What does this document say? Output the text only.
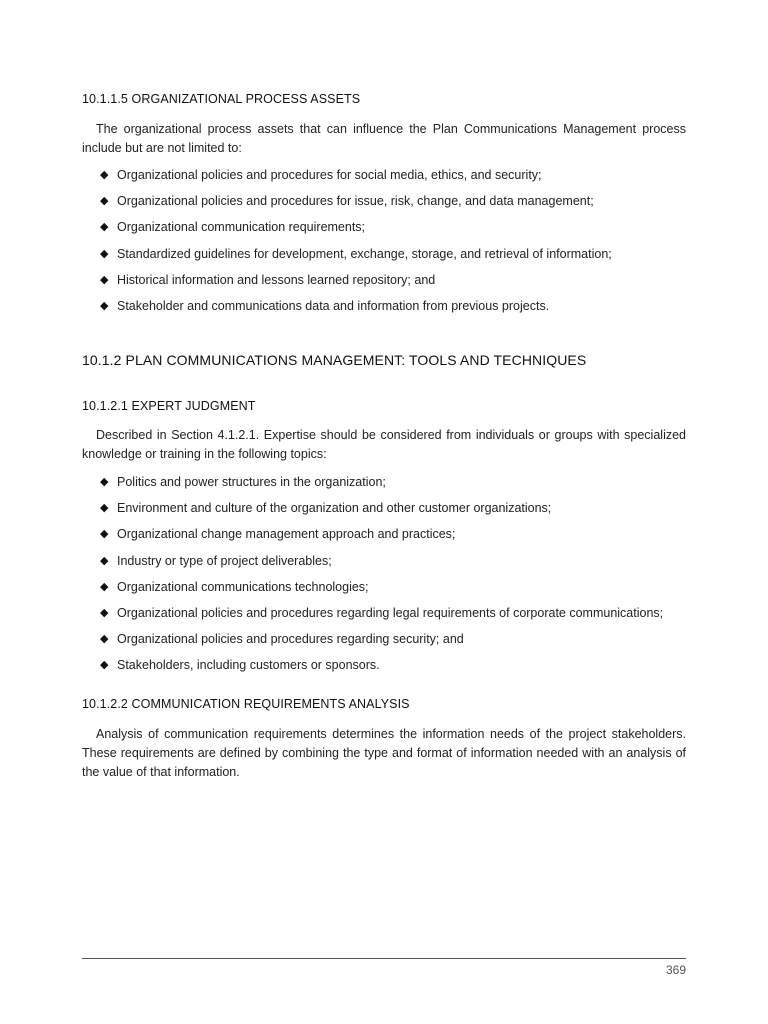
10.1.1.5 ORGANIZATIONAL PROCESS ASSETS

The organizational process assets that can influence the Plan Communications Management process include but are not limited to:

◆ Organizational policies and procedures for social media, ethics, and security;
◆ Organizational policies and procedures for issue, risk, change, and data management;
◆ Organizational communication requirements;
◆ Standardized guidelines for development, exchange, storage, and retrieval of information;
◆ Historical information and lessons learned repository; and
◆ Stakeholder and communications data and information from previous projects.
10.1.2 PLAN COMMUNICATIONS MANAGEMENT: TOOLS AND TECHNIQUES
10.1.2.1 EXPERT JUDGMENT

Described in Section 4.1.2.1. Expertise should be considered from individuals or groups with specialized knowledge or training in the following topics:

◆ Politics and power structures in the organization;
◆ Environment and culture of the organization and other customer organizations;
◆ Organizational change management approach and practices;
◆ Industry or type of project deliverables;
◆ Organizational communications technologies;
◆ Organizational policies and procedures regarding legal requirements of corporate communications;
◆ Organizational policies and procedures regarding security; and
◆ Stakeholders, including customers or sponsors.
10.1.2.2 COMMUNICATION REQUIREMENTS ANALYSIS

Analysis of communication requirements determines the information needs of the project stakeholders. These requirements are defined by combining the type and format of information needed with an analysis of the value of that information.

369
